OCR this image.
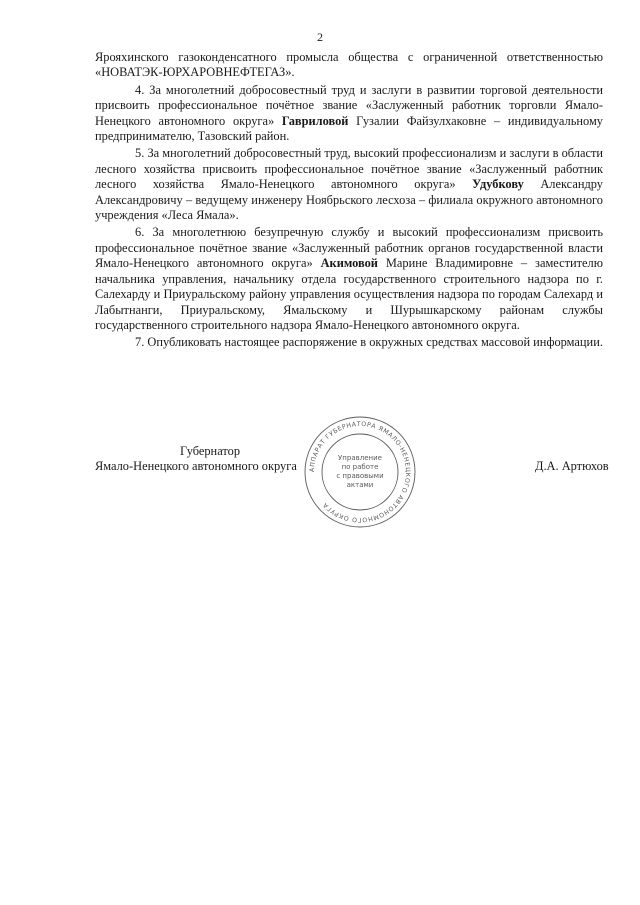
2

Ярояхинского газоконденсатного промысла общества с ограниченной ответственностью «НОВАТЭК-ЮРХАРОВНЕФТЕГАЗ».

4. За многолетний добросовестный труд и заслуги в развитии торговой деятельности присвоить профессиональное почётное звание «Заслуженный работник торговли Ямало-Ненецкого автономного округа» Гавриловой Гузалии Файзулхаковне – индивидуальному предпринимателю, Тазовский район.

5. За многолетний добросовестный труд, высокий профессионализм и заслуги в области лесного хозяйства присвоить профессиональное почётное звание «Заслуженный работник лесного хозяйства Ямало-Ненецкого автономного округа» Удубкову Александру Александровичу – ведущему инженеру Ноябрьского лесхоза – филиала окружного автономного учреждения «Леса Ямала».

6. За многолетнюю безупречную службу и высокий профессионализм присвоить профессиональное почётное звание «Заслуженный работник органов государственной власти Ямало-Ненецкого автономного округа» Акимовой Марине Владимировне – заместителю начальника управления, начальнику отдела государственного строительного надзора по г. Салехарду и Приуральскому району управления осуществления надзора по городам Салехард и Лабытнанги, Приуральскому, Ямальскому и Шурышкарскому районам службы государственного строительного надзора Ямало-Ненецкого автономного округа.

7. Опубликовать настоящее распоряжение в окружных средствах массовой информации.

Губернатор
Ямало-Ненецкого автономного округа	Д.А. Артюхов
АППАРАТ ГУБЕРНАТОРА ЯМАЛО-НЕНЕЦКОГО АВТОНОМНОГО ОКРУГА
Управление
по работе
с правовыми
актами
